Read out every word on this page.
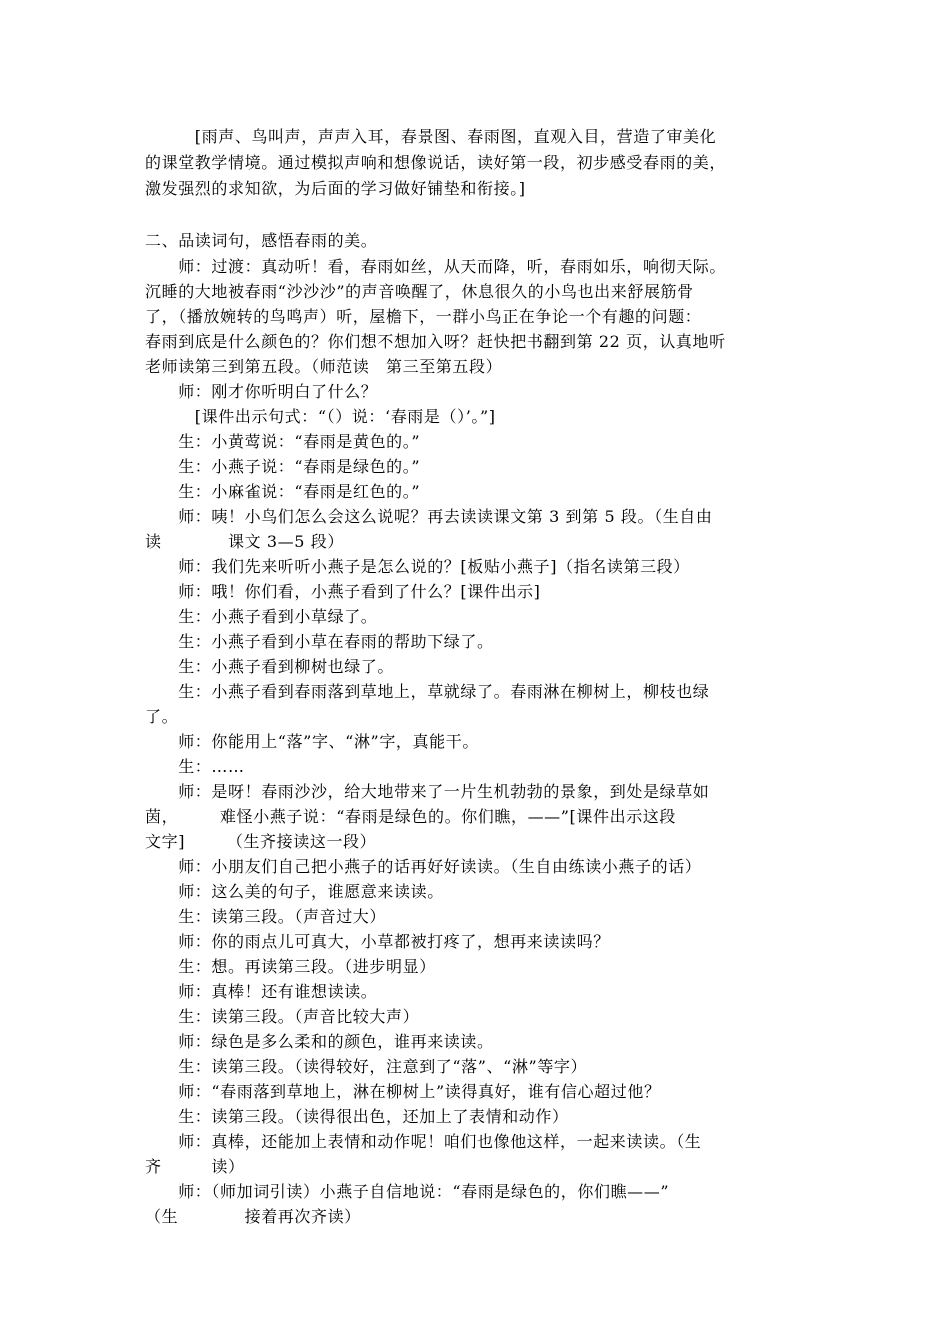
　　　[雨声、鸟叫声，声声入耳，春景图、春雨图，直观入目，营造了审美化
的课堂教学情境。通过模拟声响和想像说话，读好第一段，初步感受春雨的美，
激发强烈的求知欲，为后面的学习做好铺垫和衔接。]
二、品读词句，感悟春雨的美。
　　师：过渡：真动听！看，春雨如丝，从天而降，听，春雨如乐，响彻天际。
沉睡的大地被春雨“沙沙沙”的声音唤醒了，休息很久的小鸟也出来舒展筋骨
了，（播放婉转的鸟鸣声）听，屋檐下，一群小鸟正在争论一个有趣的问题：
春雨到底是什么颜色的？你们想不想加入呀？赶快把书翻到第 22 页，认真地听
老师读第三到第五段。（师范读　第三至第五段）
　　师：刚才你听明白了什么？
　　　[课件出示句式：“（）说：‘春雨是（）’。”]
　　生：小黄莺说：“春雨是黄色的。”
　　生：小燕子说：“春雨是绿色的。”
　　生：小麻雀说：“春雨是红色的。”
　　师：咦！小鸟们怎么会这么说呢？再去读读课文第 3 到第 5 段。（生自由
读　　　　课文 3—5 段）
　　师：我们先来听听小燕子是怎么说的？[板贴小燕子]（指名读第三段）
　　师：哦！你们看，小燕子看到了什么？[课件出示]
　　生：小燕子看到小草绿了。
　　生：小燕子看到小草在春雨的帮助下绿了。
　　生：小燕子看到柳树也绿了。
　　生：小燕子看到春雨落到草地上，草就绿了。春雨淋在柳树上，柳枝也绿
了。
　　师：你能用上“落”字、“淋”字，真能干。
　　生：……
　　师：是呀！春雨沙沙，给大地带来了一片生机勃勃的景象，到处是绿草如
茵，　　　难怪小燕子说：“春雨是绿色的。你们瞧，——”[课件出示这段
文字]　　　（生齐接读这一段）
　　师：小朋友们自己把小燕子的话再好好读读。（生自由练读小燕子的话）
　　师：这么美的句子，谁愿意来读读。
　　生：读第三段。（声音过大）
　　师：你的雨点儿可真大，小草都被打疼了，想再来读读吗？
　　生：想。再读第三段。（进步明显）
　　师：真棒！还有谁想读读。
　　生：读第三段。（声音比较大声）
　　师：绿色是多么柔和的颜色，谁再来读读。
　　生：读第三段。（读得较好，注意到了“落”、“淋”等字）
　　师：“春雨落到草地上，淋在柳树上”读得真好，谁有信心超过他？
　　生：读第三段。（读得很出色，还加上了表情和动作）
　　师：真棒，还能加上表情和动作呢！咱们也像他这样，一起来读读。（生
齐　　　读）
　　师：（师加词引读）小燕子自信地说：“春雨是绿色的，你们瞧——”
（生　　　　接着再次齐读）
